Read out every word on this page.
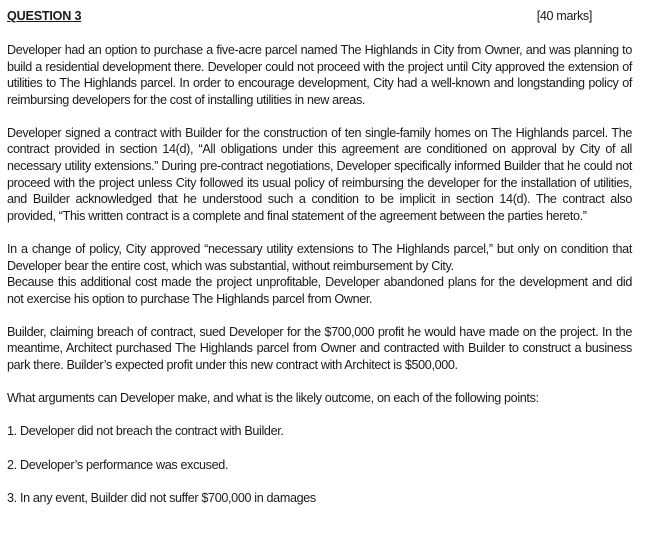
QUESTION 3	[40 marks]

Developer had an option to purchase a five-acre parcel named The Highlands in City from Owner, and was planning to build a residential development there. Developer could not proceed with the project until City approved the extension of utilities to The Highlands parcel. In order to encourage development, City had a well-known and longstanding policy of reimbursing developers for the cost of installing utilities in new areas.

Developer signed a contract with Builder for the construction of ten single-family homes on The Highlands parcel. The contract provided in section 14(d), “All obligations under this agreement are conditioned on approval by City of all necessary utility extensions.” During pre-contract negotiations, Developer specifically informed Builder that he could not proceed with the project unless City followed its usual policy of reimbursing the developer for the installation of utilities, and Builder acknowledged that he understood such a condition to be implicit in section 14(d). The contract also provided, “This written contract is a complete and final statement of the agreement between the parties hereto.”

In a change of policy, City approved “necessary utility extensions to The Highlands parcel,” but only on condition that Developer bear the entire cost, which was substantial, without reimbursement by City.

Because this additional cost made the project unprofitable, Developer abandoned plans for the development and did not exercise his option to purchase The Highlands parcel from Owner.

Builder, claiming breach of contract, sued Developer for the $700,000 profit he would have made on the project. In the meantime, Architect purchased The Highlands parcel from Owner and contracted with Builder to construct a business park there. Builder’s expected profit under this new contract with Architect is $500,000.

What arguments can Developer make, and what is the likely outcome, on each of the following points:

1. Developer did not breach the contract with Builder.

2. Developer’s performance was excused.

3. In any event, Builder did not suffer $700,000 in damages
